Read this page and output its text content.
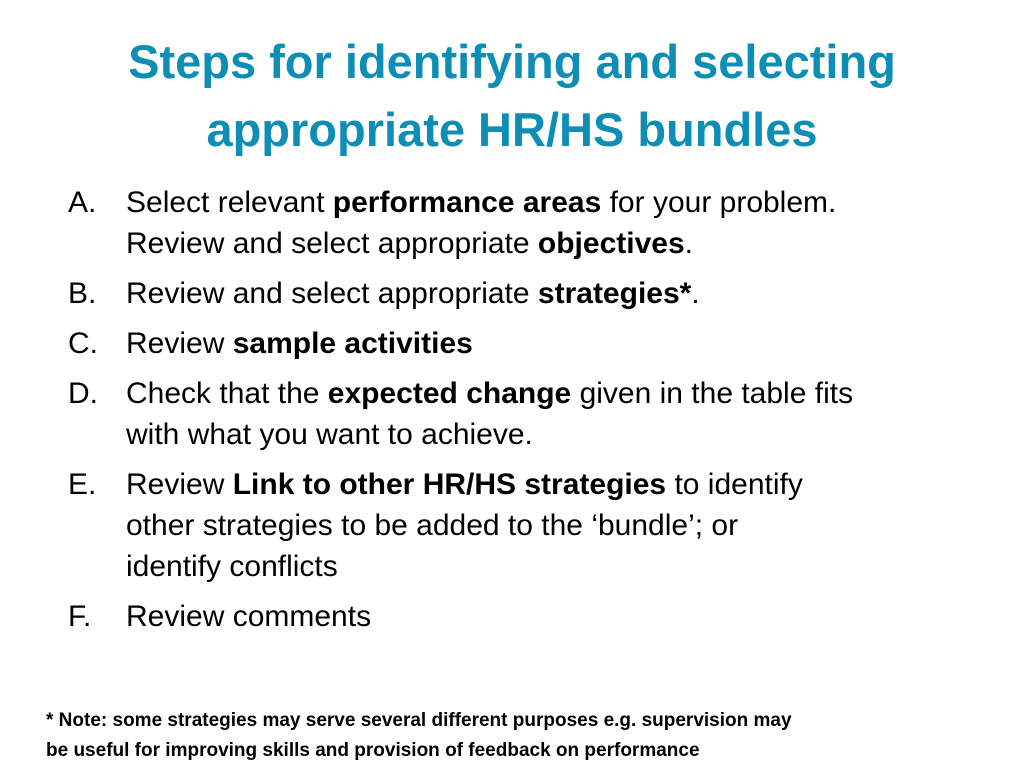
Steps for identifying and selecting
appropriate HR/HS bundles
A. Select relevant performance areas for your problem.
Review and select appropriate objectives.
B. Review and select appropriate strategies*.
C. Review sample activities
D. Check that the expected change given in the table fits
with what you want to achieve.
E. Review Link to other HR/HS strategies to identify
other strategies to be added to the ‘bundle’; or
identify conflicts
F.	Review comments
* Note: some strategies may serve several different purposes e.g. supervision may
be useful for improving skills and provision of feedback on performance
